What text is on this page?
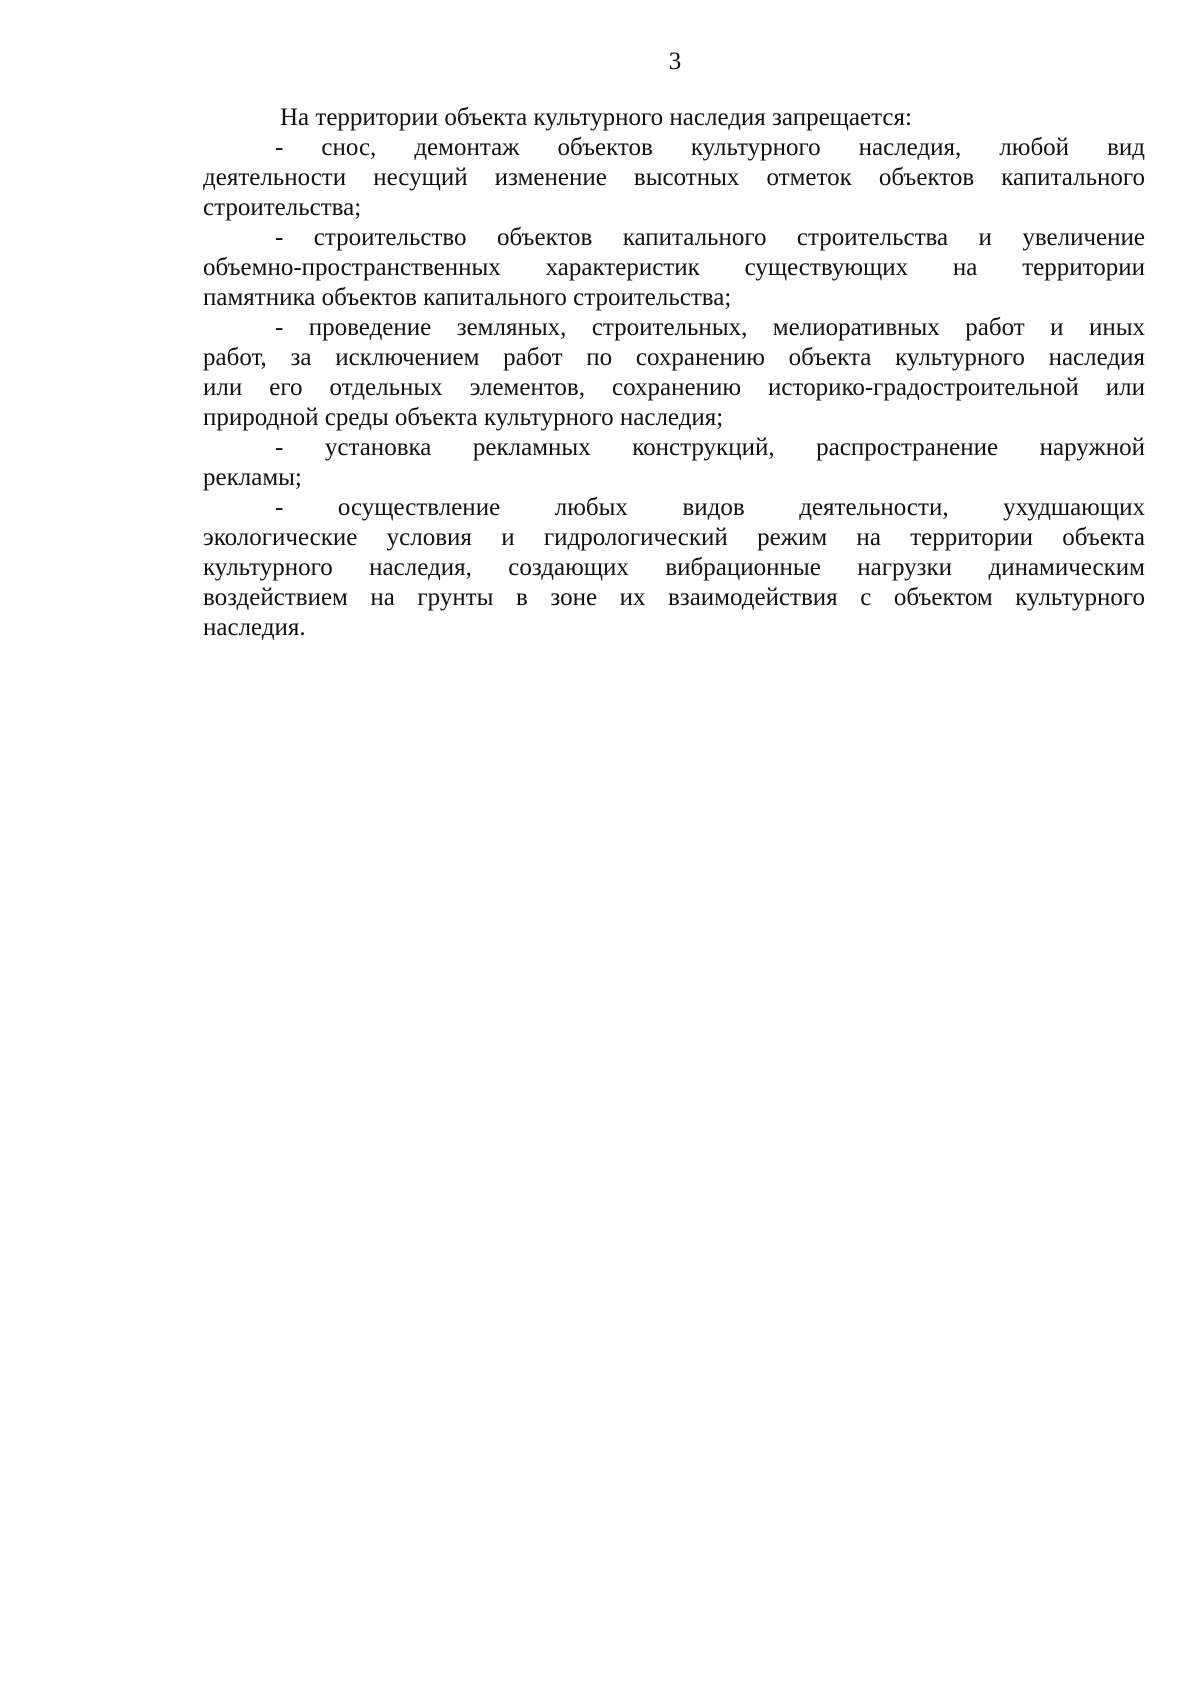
3
На территории объекта культурного наследия запрещается:
- снос, демонтаж объектов культурного наследия, любой вид
деятельности несущий изменение высотных отметок объектов капитального
строительства;
- строительство объектов капитального строительства и увеличение
объемно-пространственных характеристик существующих на территории
памятника объектов капитального строительства;
- проведение земляных, строительных, мелиоративных работ и иных
работ, за исключением работ по сохранению объекта культурного наследия
или его отдельных элементов, сохранению историко-градостроительной или
природной среды объекта культурного наследия;
- установка рекламных конструкций, распространение наружной
рекламы;
- осуществление любых видов деятельности, ухудшающих
экологические условия и гидрологический режим на территории объекта
культурного наследия, создающих вибрационные нагрузки динамическим
воздействием на грунты в зоне их взаимодействия с объектом культурного
наследия.
